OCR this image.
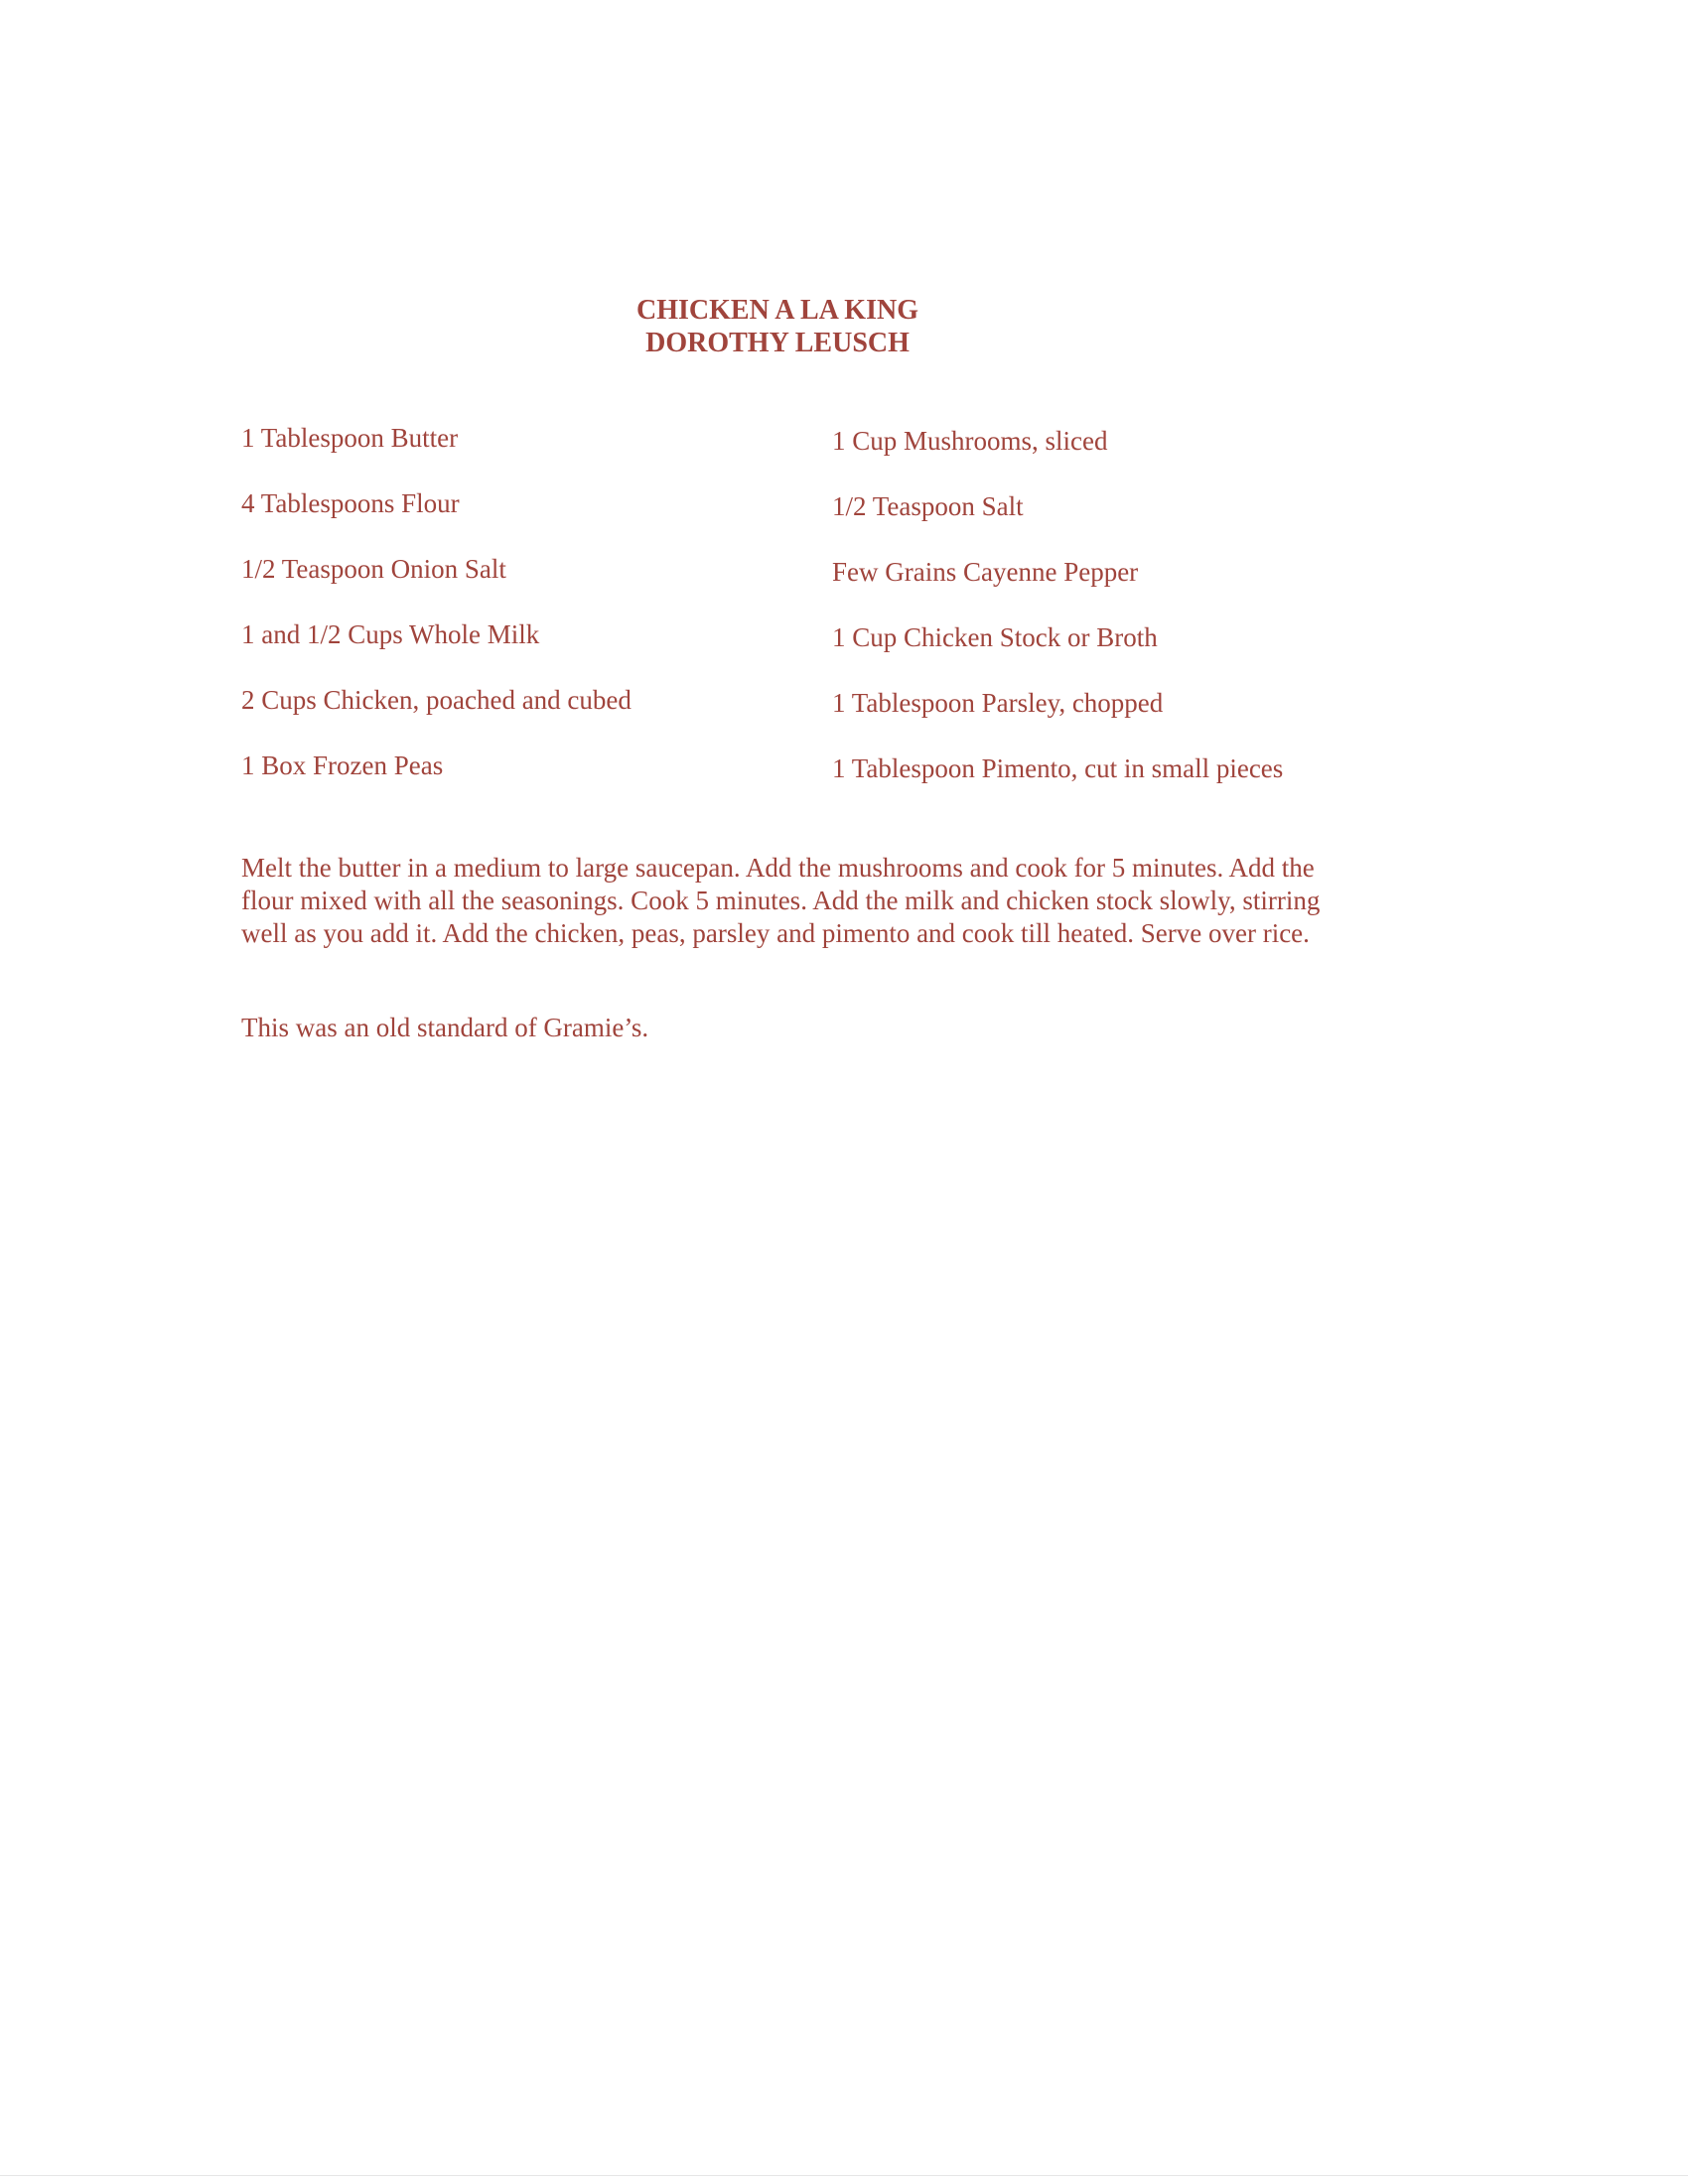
CHICKEN A LA KING
DOROTHY LEUSCH
1 Tablespoon Butter
4 Tablespoons Flour
1/2 Teaspoon Onion Salt
1 and 1/2 Cups Whole Milk
2 Cups Chicken, poached and cubed
1 Box Frozen Peas
1 Cup Mushrooms, sliced
1/2 Teaspoon Salt
Few Grains Cayenne Pepper
1 Cup Chicken Stock or Broth
1 Tablespoon Parsley, chopped
1 Tablespoon Pimento, cut in small pieces
Melt the butter in a medium to large saucepan. Add the mushrooms and cook for 5 minutes. Add the
flour mixed with all the seasonings. Cook 5 minutes. Add the milk and chicken stock slowly, stirring
well as you add it. Add the chicken, peas, parsley and pimento and cook till heated. Serve over rice.
This was an old standard of Gramie’s.
